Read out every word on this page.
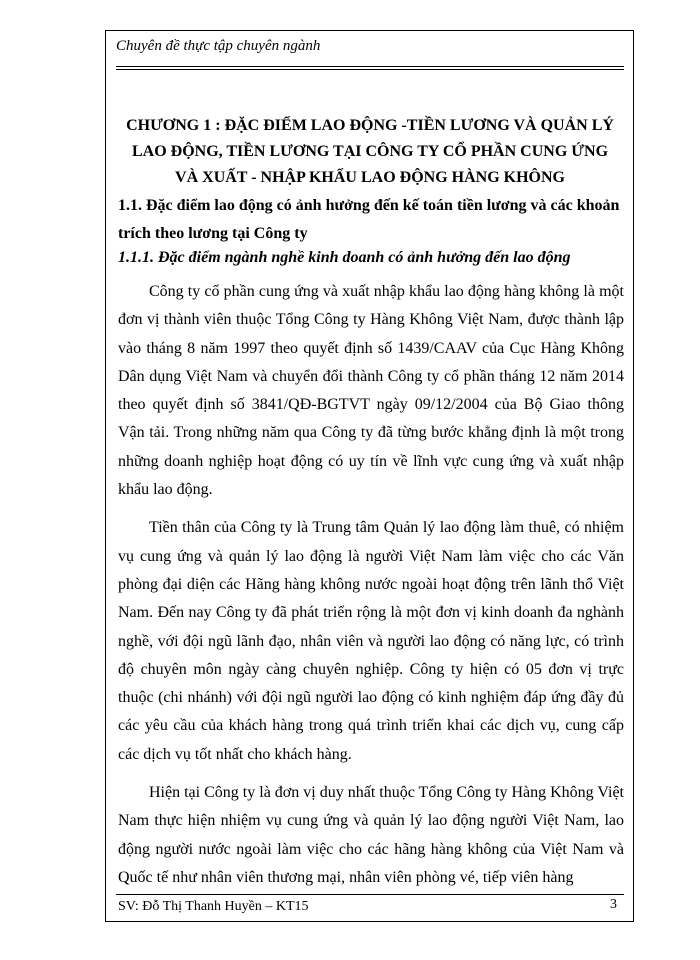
Chuyên đề thực tập chuyên ngành
CHƯƠNG 1 : ĐẶC ĐIỂM LAO ĐỘNG -TIỀN LƯƠNG VÀ QUẢN LÝ
LAO ĐỘNG, TIỀN LƯƠNG TẠI CÔNG TY CỔ PHẦN CUNG ỨNG
VÀ XUẤT - NHẬP KHẨU LAO ĐỘNG HÀNG KHÔNG
1.1. Đặc điểm lao động có ảnh hưởng đến kế toán tiền lương và các khoản trích theo lương tại Công ty
1.1.1. Đặc điểm ngành nghề kinh doanh có ảnh hưởng đến lao động

Công ty cổ phần cung ứng và xuất nhập khẩu lao động hàng không là một đơn vị thành viên thuộc Tổng Công ty Hàng Không Việt Nam, được thành lập vào tháng 8 năm 1997 theo quyết định số 1439/CAAV của Cục Hàng Không Dân dụng Việt Nam và chuyển đổi thành Công ty cổ phần tháng 12 năm 2014 theo quyết định số 3841/QĐ-BGTVT ngày 09/12/2004 của Bộ Giao thông Vận tải. Trong những năm qua Công ty đã từng bước khẳng định là một trong những doanh nghiệp hoạt động có uy tín về lĩnh vực cung ứng và xuất nhập khẩu lao động.

Tiền thân của Công ty là Trung tâm Quản lý lao động làm thuê, có nhiệm vụ cung ứng và quản lý lao động là người Việt Nam làm việc cho các Văn phòng đại diện các Hãng hàng không nước ngoài hoạt động trên lãnh thổ Việt Nam. Đến nay Công ty đã phát triển rộng là một đơn vị kinh doanh đa nghành nghề, với đội ngũ lãnh đạo, nhân viên và người lao động có năng lực, có trình độ chuyên môn ngày càng chuyên nghiệp. Công ty hiện có 05 đơn vị trực thuộc (chi nhánh) với đội ngũ người lao động có kinh nghiệm đáp ứng đầy đủ các yêu cầu của khách hàng trong quá trình triển khai các dịch vụ, cung cấp các dịch vụ tốt nhất cho khách hàng.

Hiện tại Công ty là đơn vị duy nhất thuộc Tổng Công ty Hàng Không Việt Nam thực hiện nhiệm vụ cung ứng và quản lý lao động người Việt Nam, lao động người nước ngoài làm việc cho các hãng hàng không của Việt Nam và Quốc tế như nhân viên thương mại, nhân viên phòng vé, tiếp viên hàng

SV: Đỗ Thị Thanh Huyền – KT15	3
